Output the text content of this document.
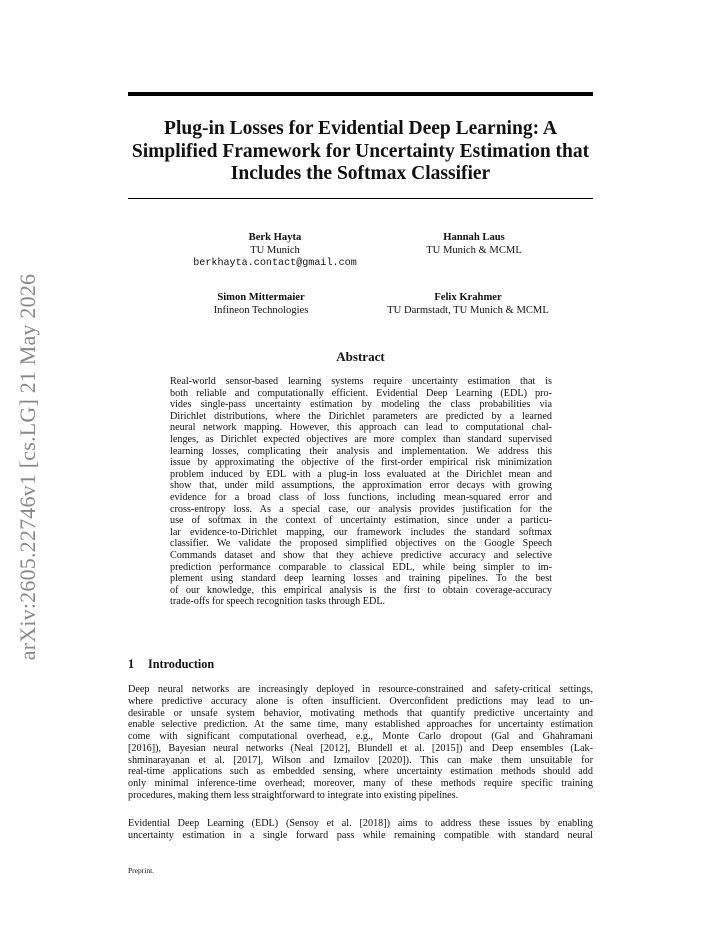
arXiv:2605.22746v1 [cs.LG] 21 May 2026
Plug-in Losses for Evidential Deep Learning: A
Simplified Framework for Uncertainty Estimation that
Includes the Softmax Classifier
Berk Hayta
TU Munich
berkhayta.contact@gmail.com
Hannah Laus
TU Munich & MCML
Simon Mittermaier
Infineon Technologies
Felix Krahmer
TU Darmstadt, TU Munich & MCML
Abstract
Real-world sensor-based learning systems require uncertainty estimation that is
both reliable and computationally efficient. Evidential Deep Learning (EDL) pro-
vides single-pass uncertainty estimation by modeling the class probabilities via
Dirichlet distributions, where the Dirichlet parameters are predicted by a learned
neural network mapping. However, this approach can lead to computational chal-
lenges, as Dirichlet expected objectives are more complex than standard supervised
learning losses, complicating their analysis and implementation. We address this
issue by approximating the objective of the first-order empirical risk minimization
problem induced by EDL with a plug-in loss evaluated at the Dirichlet mean and
show that, under mild assumptions, the approximation error decays with growing
evidence for a broad class of loss functions, including mean-squared error and
cross-entropy loss. As a special case, our analysis provides justification for the
use of softmax in the context of uncertainty estimation, since under a particu-
lar evidence-to-Dirichlet mapping, our framework includes the standard softmax
classifier. We validate the proposed simplified objectives on the Google Speech
Commands dataset and show that they achieve predictive accuracy and selective
prediction performance comparable to classical EDL, while being simpler to im-
plement using standard deep learning losses and training pipelines. To the best
of our knowledge, this empirical analysis is the first to obtain coverage-accuracy
trade-offs for speech recognition tasks through EDL.
1 Introduction
Deep neural networks are increasingly deployed in resource-constrained and safety-critical settings,
where predictive accuracy alone is often insufficient. Overconfident predictions may lead to un-
desirable or unsafe system behavior, motivating methods that quantify predictive uncertainty and
enable selective prediction. At the same time, many established approaches for uncertainty estimation
come with significant computational overhead, e.g., Monte Carlo dropout (Gal and Ghahramani
[2016]), Bayesian neural networks (Neal [2012], Blundell et al. [2015]) and Deep ensembles (Lak-
shminarayanan et al. [2017], Wilson and Izmailov [2020]). This can make them unsuitable for
real-time applications such as embedded sensing, where uncertainty estimation methods should add
only minimal inference-time overhead; moreover, many of these methods require specific training
procedures, making them less straightforward to integrate into existing pipelines.
Evidential Deep Learning (EDL) (Sensoy et al. [2018]) aims to address these issues by enabling
uncertainty estimation in a single forward pass while remaining compatible with standard neural
Preprint.
